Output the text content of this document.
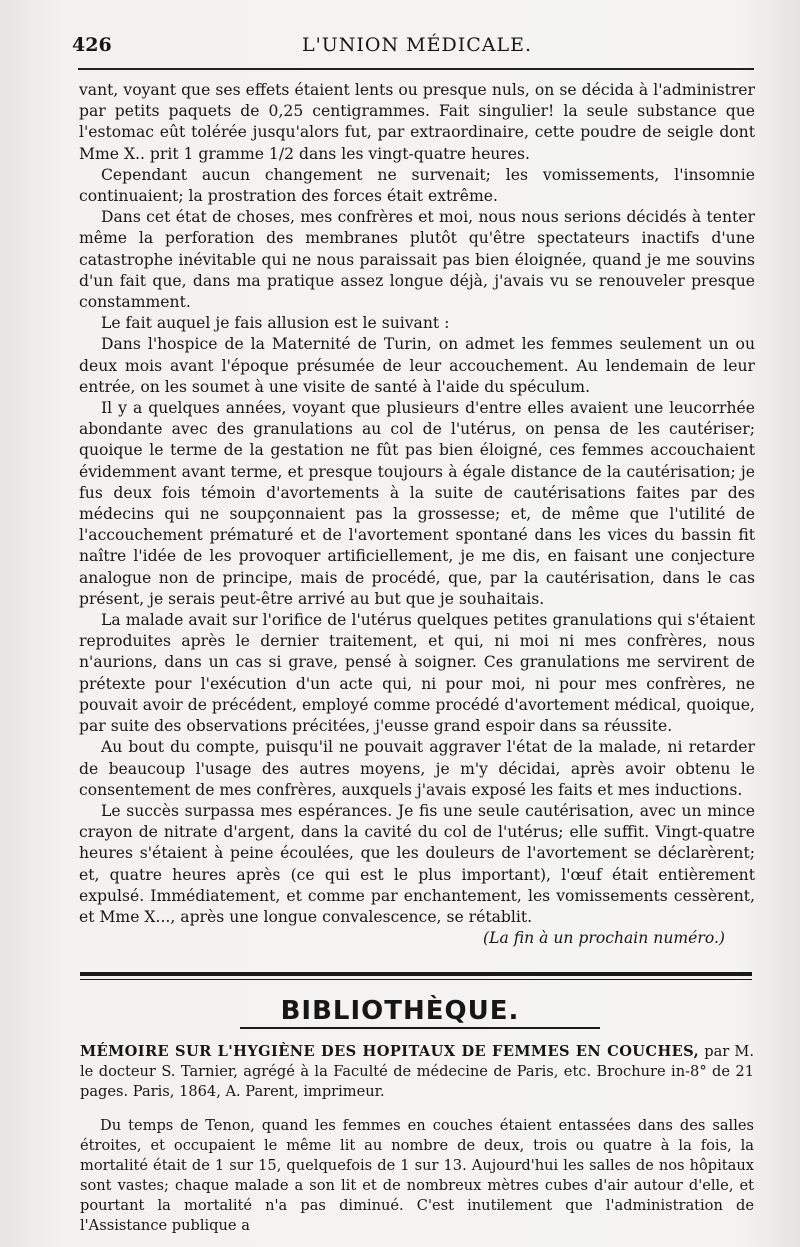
426	L'UNION MÉDICALE.

vant, voyant que ses effets étaient lents ou presque nuls, on se décida à l'administrer par petits paquets de 0,25 centigrammes. Fait singulier! la seule substance que l'estomac eût tolérée jusqu'alors fut, par extraordinaire, cette poudre de seigle dont Mme X.. prit 1 gramme 1/2 dans les vingt-quatre heures.

Cependant aucun changement ne survenait; les vomissements, l'insomnie continuaient; la prostration des forces était extrême.

Dans cet état de choses, mes confrères et moi, nous nous serions décidés à tenter même la perforation des membranes plutôt qu'être spectateurs inactifs d'une catastrophe inévitable qui ne nous paraissait pas bien éloignée, quand je me souvins d'un fait que, dans ma pratique assez longue déjà, j'avais vu se renouveler presque constamment.

Le fait auquel je fais allusion est le suivant :

Dans l'hospice de la Maternité de Turin, on admet les femmes seulement un ou deux mois avant l'époque présumée de leur accouchement. Au lendemain de leur entrée, on les soumet à une visite de santé à l'aide du spéculum.

Il y a quelques années, voyant que plusieurs d'entre elles avaient une leucorrhée abondante avec des granulations au col de l'utérus, on pensa de les cautériser; quoique le terme de la gestation ne fût pas bien éloigné, ces femmes accouchaient évidemment avant terme, et presque toujours à égale distance de la cautérisation; je fus deux fois témoin d'avortements à la suite de cautérisations faites par des médecins qui ne soupçonnaient pas la grossesse; et, de même que l'utilité de l'accouchement prématuré et de l'avortement spontané dans les vices du bassin fit naître l'idée de les provoquer artificiellement, je me dis, en faisant une conjecture analogue non de principe, mais de procédé, que, par la cautérisation, dans le cas présent, je serais peut-être arrivé au but que je souhaitais.

La malade avait sur l'orifice de l'utérus quelques petites granulations qui s'étaient reproduites après le dernier traitement, et qui, ni moi ni mes confrères, nous n'aurions, dans un cas si grave, pensé à soigner. Ces granulations me servirent de prétexte pour l'exécution d'un acte qui, ni pour moi, ni pour mes confrères, ne pouvait avoir de précédent, employé comme procédé d'avortement médical, quoique, par suite des observations précitées, j'eusse grand espoir dans sa réussite.

Au bout du compte, puisqu'il ne pouvait aggraver l'état de la malade, ni retarder de beaucoup l'usage des autres moyens, je m'y décidai, après avoir obtenu le consentement de mes confrères, auxquels j'avais exposé les faits et mes inductions.

Le succès surpassa mes espérances. Je fis une seule cautérisation, avec un mince crayon de nitrate d'argent, dans la cavité du col de l'utérus; elle suffit. Vingt-quatre heures s'étaient à peine écoulées, que les douleurs de l'avortement se déclarèrent; et, quatre heures après (ce qui est le plus important), l'œuf était entièrement expulsé. Immédiatement, et comme par enchantement, les vomissements cessèrent, et Mme X..., après une longue convalescence, se rétablit.

(La fin à un prochain numéro.)

BIBLIOTHÈQUE.
MÉMOIRE SUR L'HYGIÈNE DES HOPITAUX DE FEMMES EN COUCHES, par M. le docteur S. Tarnier, agrégé à la Faculté de médecine de Paris, etc. Brochure in-8° de 21 pages. Paris, 1864, A. Parent, imprimeur.

Du temps de Tenon, quand les femmes en couches étaient entassées dans des salles étroites, et occupaient le même lit au nombre de deux, trois ou quatre à la fois, la mortalité était de 1 sur 15, quelquefois de 1 sur 13. Aujourd'hui les salles de nos hôpitaux sont vastes; chaque malade a son lit et de nombreux mètres cubes d'air autour d'elle, et pourtant la mortalité n'a pas diminué. C'est inutilement que l'administration de l'Assistance publique a
